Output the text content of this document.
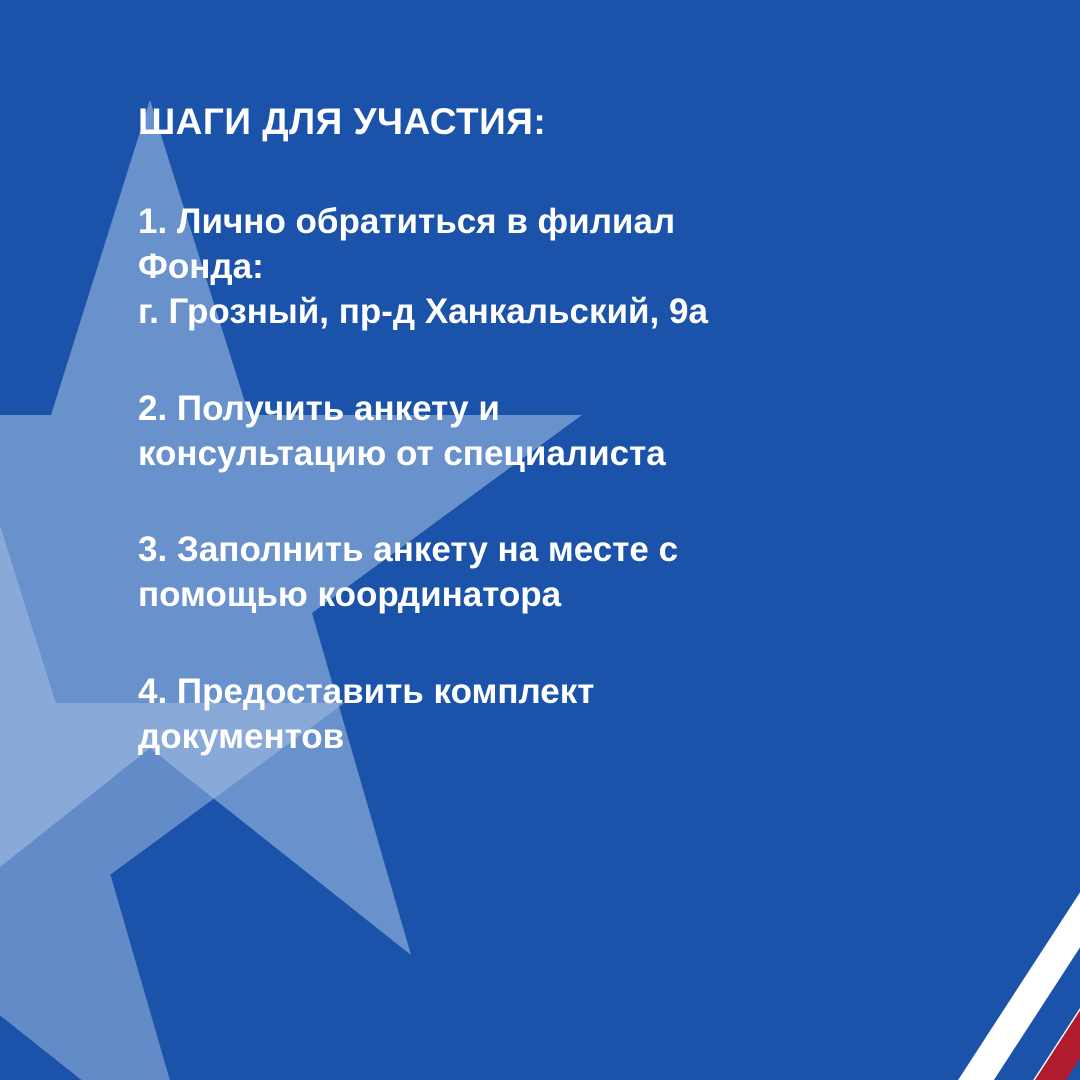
ШАГИ ДЛЯ УЧАСТИЯ:

1. Лично обратиться в филиал
Фонда:
г. Грозный, пр-д Ханкальский, 9а

2. Получить анкету и
консультацию от специалиста

3. Заполнить анкету на месте с
помощью координатора

4. Предоставить комплект
документов
